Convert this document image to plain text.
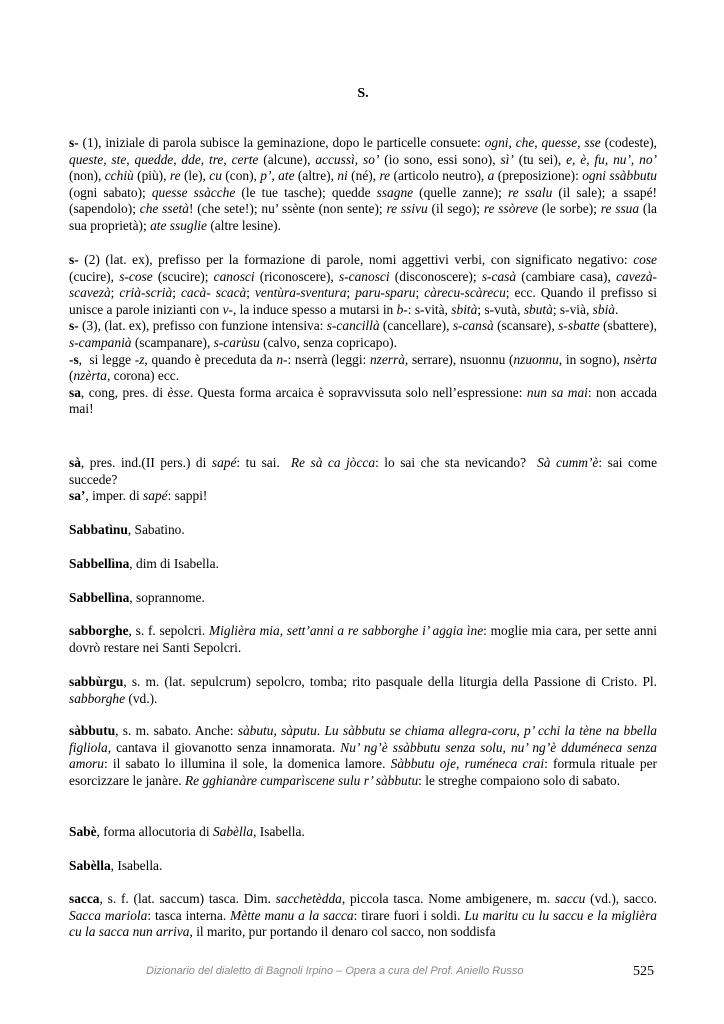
S.

s- (1), iniziale di parola subisce la geminazione, dopo le particelle consuete: ogni, che, quesse, sse (codeste), queste, ste, quedde, dde, tre, certe (alcune), accussì, so’ (io sono, essi sono), sì’ (tu sei), e, è, fu, nu’, no’ (non), cchiù (più), re (le), cu (con), p’, ate (altre), ni (né), re (articolo neutro), a (preposizione): ogni ssàbbutu (ogni sabato); quesse ssàcche (le tue tasche); quedde ssagne (quelle zanne); re ssalu (il sale); a ssapé! (sapendolo); che ssetà! (che sete!); nu’ ssènte (non sente); re ssivu (il sego); re ssòreve (le sorbe); re ssua (la sua proprietà); ate ssuglie (altre lesine).

s- (2) (lat. ex), prefisso per la formazione di parole, nomi aggettivi verbi, con significato negativo: cose (cucire), s-cose (scucire); canosci (riconoscere), s-canosci (disconoscere); s-casà (cambiare casa), cavezà-scavezà; crià-scrià; cacà- scacà; ventùra-sventura; paru-sparu; càrecu-scàrecu; ecc. Quando il prefisso si unisce a parole inizianti con v-, la induce spesso a mutarsi in b-: s-vità, sbità; s-vutà, sbutà; s-vià, sbià.
s- (3), (lat. ex), prefisso con funzione intensiva: s-cancillà (cancellare), s-cansà (scansare), s-sbatte (sbattere), s-campanià (scampanare), s-carùsu (calvo, senza copricapo).
-s,  si legge -z, quando è preceduta da n-: nserrà (leggi: nzerrà, serrare), nsuonnu (nzuonnu, in sogno), nsèrta (nzèrta, corona) ecc.
sa, cong, pres. di èsse. Questa forma arcaica è sopravvissuta solo nell’espressione: nun sa mai: non accada mai!

sà, pres. ind.(II pers.) di sapé: tu sai.  Re sà ca jòcca: lo sai che sta nevicando?  Sà cumm’è: sai come succede?
sa’, imper. di sapé: sappi!

Sabbatìnu, Sabatino.

Sabbellìna, dim di Isabella.

Sabbellìna, soprannome.

sabborghe, s. f. sepolcri. Miglièra mia, sett’anni a re sabborghe i’ aggia ìne: moglie mia cara, per sette anni dovrò restare nei Santi Sepolcri.

sabbùrgu, s. m. (lat. sepulcrum) sepolcro, tomba; rito pasquale della liturgia della Passione di Cristo. Pl. sabborghe (vd.).

sàbbutu, s. m. sabato. Anche: sàbutu, sàputu. Lu sàbbutu se chiama allegra-coru, p’ cchi la tène na bbella figliola, cantava il giovanotto senza innamorata. Nu’ ng’è ssàbbutu senza solu, nu’ ng’è dduméneca senza amoru: il sabato lo illumina il sole, la domenica lamore. Sàbbutu oje, ruméneca crai: formula rituale per esorcizzare le janàre. Re gghianàre cumparìscene sulu r’ sàbbutu: le streghe compaiono solo di sabato.

Sabè, forma allocutoria di Sabèlla, Isabella.

Sabèlla, Isabella.

sacca, s. f. (lat. saccum) tasca. Dim. sacchetèdda, piccola tasca. Nome ambigenere, m. saccu (vd.), sacco. Sacca mariola: tasca interna. Mètte manu a la sacca: tirare fuori i soldi. Lu maritu cu lu saccu e la miglièra cu la sacca nun arriva, il marito, pur portando il denaro col sacco, non soddisfa

Dizionario del dialetto di Bagnoli Irpino – Opera a cura del Prof. Aniello Russo	525
